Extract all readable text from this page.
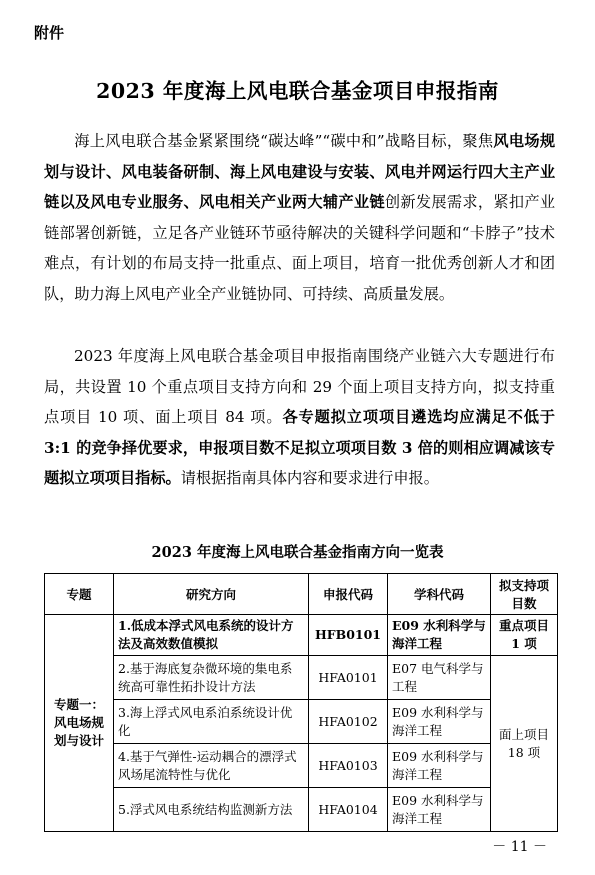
附件
2023 年度海上风电联合基金项目申报指南
海上风电联合基金紧紧围绕“碳达峰”“碳中和”战略目标，聚焦风电场规划与设计、风电装备研制、海上风电建设与安装、风电并网运行四大主产业链以及风电专业服务、风电相关产业两大辅产业链创新发展需求，紧扣产业链部署创新链，立足各产业链环节亟待解决的关键科学问题和“卡脖子”技术难点，有计划的布局支持一批重点、面上项目，培育一批优秀创新人才和团队，助力海上风电产业全产业链协同、可持续、高质量发展。
2023 年度海上风电联合基金项目申报指南围绕产业链六大专题进行布局，共设置 10 个重点项目支持方向和 29 个面上项目支持方向，拟支持重点项目 10 项、面上项目 84 项。各专题拟立项项目遴选均应满足不低于 3:1 的竞争择优要求，申报项目数不足拟立项项目数 3 倍的则相应调减该专题拟立项项目指标。请根据指南具体内容和要求进行申报。
2023 年度海上风电联合基金指南方向一览表
专题	研究方向	申报代码	学科代码	拟支持项目数
专题一：风电场规划与设计	1.低成本浮式风电系统的设计方法及高效数值模拟	HFB0101	E09 水利科学与海洋工程	重点项目1 项
	2.基于海底复杂微环境的集电系统高可靠性拓扑设计方法	HFA0101	E07 电气科学与工程	面上项目18 项
	3.海上浮式风电系泊系统设计优化	HFA0102	E09 水利科学与海洋工程	
	4.基于气弹性-运动耦合的漂浮式风场尾流特性与优化	HFA0103	E09 水利科学与海洋工程	
	5.浮式风电系统结构监测新方法	HFA0104	E09 水利科学与海洋工程	
－ 11 －
